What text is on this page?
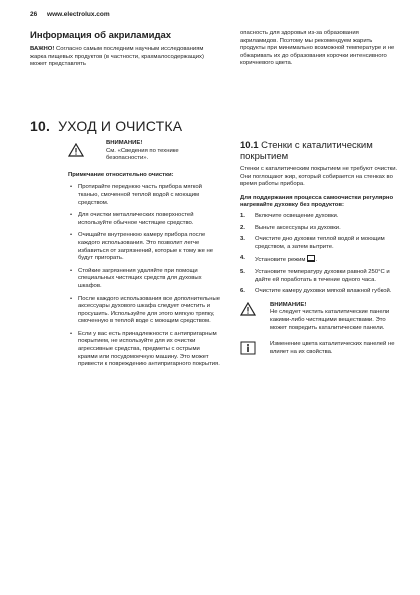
26 www.electrolux.com
Информация об акриламидах

ВАЖНО! Согласно самым последним научным исследованиям жарка пищевых продуктов (в частности, крахмалосодержащих) может представлять

опасность для здоровья из-за образования акриламидов. Поэтому мы рекомендуем жарить продукты при минимально возможной температуре и не обжаривать их до образования корочки интенсивного коричневого цвета.

10. УХОД И ОЧИСТКА
ВНИМАНИЕ!
См. «Сведения по технике безопасности».
Примечание относительно очистки:
• Протирайте переднюю часть прибора мягкой тканью, смоченной теплой водой с моющим средством.
• Для очистки металлических поверхностей используйте обычное чистящее средство.
• Очищайте внутреннюю камеру прибора после каждого использования. Это позволит легче избавиться от загрязнений, которые к тому же не будут пригорать.
• Стойкие загрязнения удаляйте при помощи специальных чистящих средств для духовых шкафов.
• После каждого использования все дополнительные аксессуары духового шкафа следует очистить и просушить. Используйте для этого мягкую тряпку, смоченную в теплой воде с моющим средством.
• Если у вас есть принадлежности с антипригарным покрытием, не используйте для их очистки агрессивные средства, предметы с острыми краями или посудомоечную машину. Это может привести к повреждению антипригарного покрытия.
10.1 Стенки с каталитическим покрытием

Стенки с каталитическим покрытием не требуют очистки. Они поглощают жир, который собирается на стенках во время работы прибора.

Для поддержания процесса самоочистки регулярно нагревайте духовку без продуктов:

1. Включите освещение духовки.
2. Выньте аксессуары из духовки.
3. Очистите дно духовки теплой водой и моющим средством, а затем вытрите.
4. Установите режим .
5. Установите температуру духовки равной 250°C и дайте ей поработать в течение одного часа.
6. Очистите камеру духовки мягкой влажной губкой.
ВНИМАНИЕ!
Не следует чистить каталитические панели какими-либо чистящими веществами. Это может повредить каталитические панели.
Изменение цвета каталитических панелей не влияет на их свойства.
